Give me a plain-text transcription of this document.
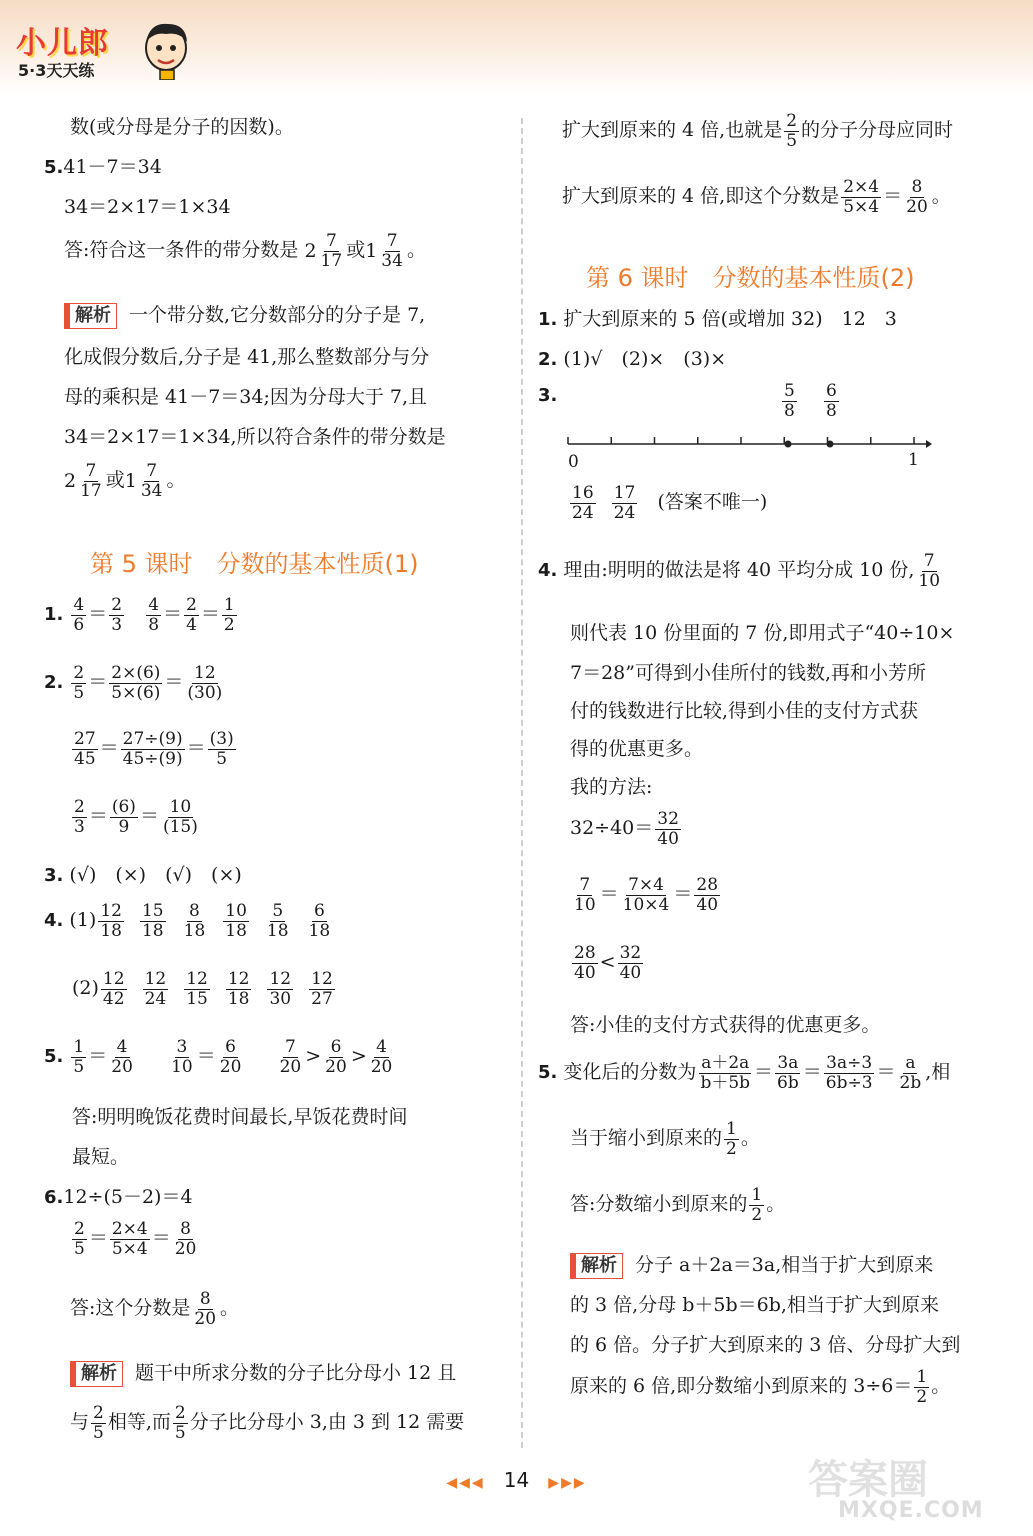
小儿郎
5·3天天练
数(或分母是分子的因数)。
5.41－7＝34
34＝2×17＝1×34
答:符合这一条件的带分数是 $2 \frac{7}{17}$ 或 $1 \frac{7}{34}$ 。
解析 一个带分数,它分数部分的分子是 7,
化成假分数后,分子是 41,那么整数部分与分
母的乘积是 41－7＝34;因为分母大于 7,且
34＝2×17＝1×34,所以符合条件的带分数是
$2 \frac{7}{17}$ 或 $1 \frac{7}{34}$ 。
第 5 课时　分数的基本性质(1)
1. $\frac{4}{6} = \frac{2}{3}$
$\frac{4}{8} = \frac{2}{4} = \frac{1}{2}$
2. $\frac{2}{5} = \frac{2\times(6)}{5\times(6)} = \frac{12}{(30)}$
$\frac{27}{45} = \frac{27\div(9)}{45\div(9)} = \frac{(3)}{5}$
$\frac{2}{3} = \frac{(6)}{9} = \frac{10}{(15)}$
3. (√)　(×)　(√)　(×)
4. $(1) \frac{12}{18} \frac{15}{18} \frac{8}{18} \frac{10}{18} \frac{5}{18} \frac{6}{18}$
$(2) \frac{12}{42} \frac{12}{24} \frac{12}{15} \frac{12}{18} \frac{12}{30} \frac{12}{27}$
5. $\frac{1}{5} = \frac{4}{20}$
$\frac{3}{10} = \frac{6}{20}$
$\frac{7}{20} > \frac{6}{20} > \frac{4}{20}$
答:明明晚饭花费时间最长,早饭花费时间
最短。
6.12÷(5－2)＝4
$\frac{2}{5} = \frac{2\times 4}{5\times 4} = \frac{8}{20}$
答:这个分数是 $\frac{8}{20}$ 。
解析 题干中所求分数的分子比分母小 12 且
与 $\frac{2}{5}$ 相等,而 $\frac{2}{5}$ 分子比分母小 3,由 3 到 12 需要
扩大到原来的 4 倍,也就是 $\frac{2}{5}$ 的分子分母应同时
扩大到原来的 4 倍,即这个分数是 $\frac{2\times 4}{5\times 4} = \frac{8}{20}$ 。
第 6 课时　分数的基本性质(2)
1. 扩大到原来的 5 倍(或增加 32)　12　3
2. (1)√　(2)×　(3)×
3.	$\frac{5}{8} \frac{6}{8}$
0	1
$\frac{16}{24}$
$\frac{17}{24}$ (答案不唯一)
4. 理由:明明的做法是将 40 平均分成 10 份, $\frac{7}{10}$
则代表 10 份里面的 7 份,即用式子“40÷10×
7＝28”可得到小佳所付的钱数,再和小芳所
付的钱数进行比较,得到小佳的支付方式获
得的优惠更多。
我的方法:
$32\div 40= \frac{32}{40}$
$\frac{7}{10} = \frac{7\times 4}{10\times 4} = \frac{28}{40}$
$\frac{28}{40} < \frac{32}{40}$
答:小佳的支付方式获得的优惠更多。
5. 变化后的分数为 $\frac{a+2a}{b+5b} = \frac{3a}{6b} = \frac{3a\div 3}{6b\div 3} = \frac{a}{2b}$ ,相
当于缩小到原来的 $\frac{1}{2}$ 。
答:分数缩小到原来的 $\frac{1}{2}$ 。
解析 分子 a＋2a＝3a,相当于扩大到原来
的 3 倍,分母 b＋5b＝6b,相当于扩大到原来
的 6 倍。分子扩大到原来的 3 倍、分母扩大到
原来的 6 倍,即分数缩小到原来的 $3\div 6= \frac{1}{2}$ 。
◀◀◀ 14 ▶▶▶	答案圈
MXQE.COM
